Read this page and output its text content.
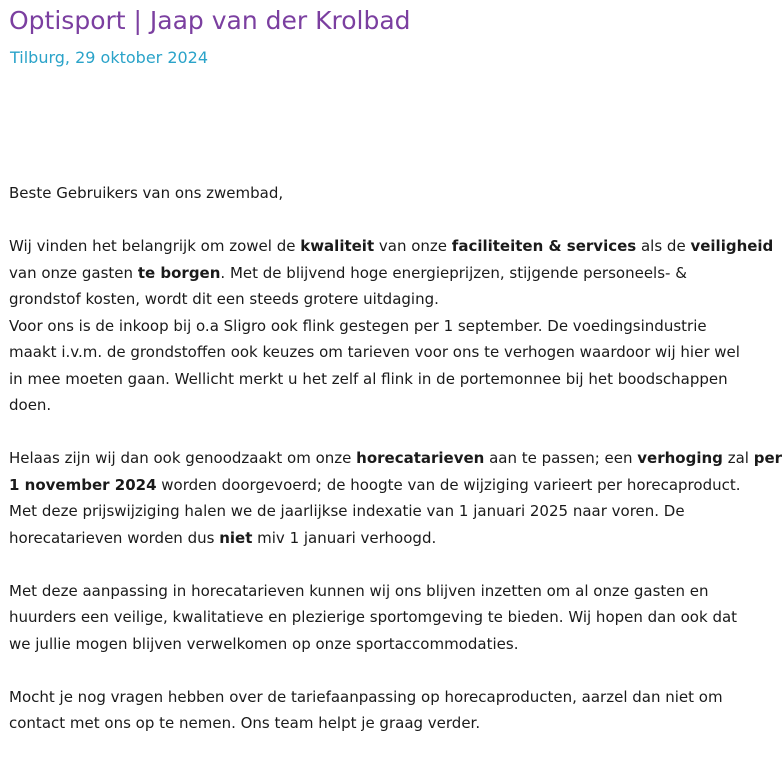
Optisport | Jaap van der Krolbad
Tilburg, 29 oktober 2024

Beste Gebruikers van ons zwembad,

Wij vinden het belangrijk om zowel de kwaliteit van onze faciliteiten & services als de veiligheid
van onze gasten te borgen. Met de blijvend hoge energieprijzen, stijgende personeels- &
grondstof kosten, wordt dit een steeds grotere uitdaging.
Voor ons is de inkoop bij o.a Sligro ook flink gestegen per 1 september. De voedingsindustrie
maakt i.v.m. de grondstoffen ook keuzes om tarieven voor ons te verhogen waardoor wij hier wel
in mee moeten gaan. Wellicht merkt u het zelf al flink in de portemonnee bij het boodschappen
doen.

Helaas zijn wij dan ook genoodzaakt om onze horecatarieven aan te passen; een verhoging zal per
1 november 2024 worden doorgevoerd; de hoogte van de wijziging varieert per horecaproduct.
Met deze prijswijziging halen we de jaarlijkse indexatie van 1 januari 2025 naar voren. De
horecatarieven worden dus niet miv 1 januari verhoogd.

Met deze aanpassing in horecatarieven kunnen wij ons blijven inzetten om al onze gasten en
huurders een veilige, kwalitatieve en plezierige sportomgeving te bieden. Wij hopen dan ook dat
we jullie mogen blijven verwelkomen op onze sportaccommodaties.

Mocht je nog vragen hebben over de tariefaanpassing op horecaproducten, aarzel dan niet om
contact met ons op te nemen. Ons team helpt je graag verder.
